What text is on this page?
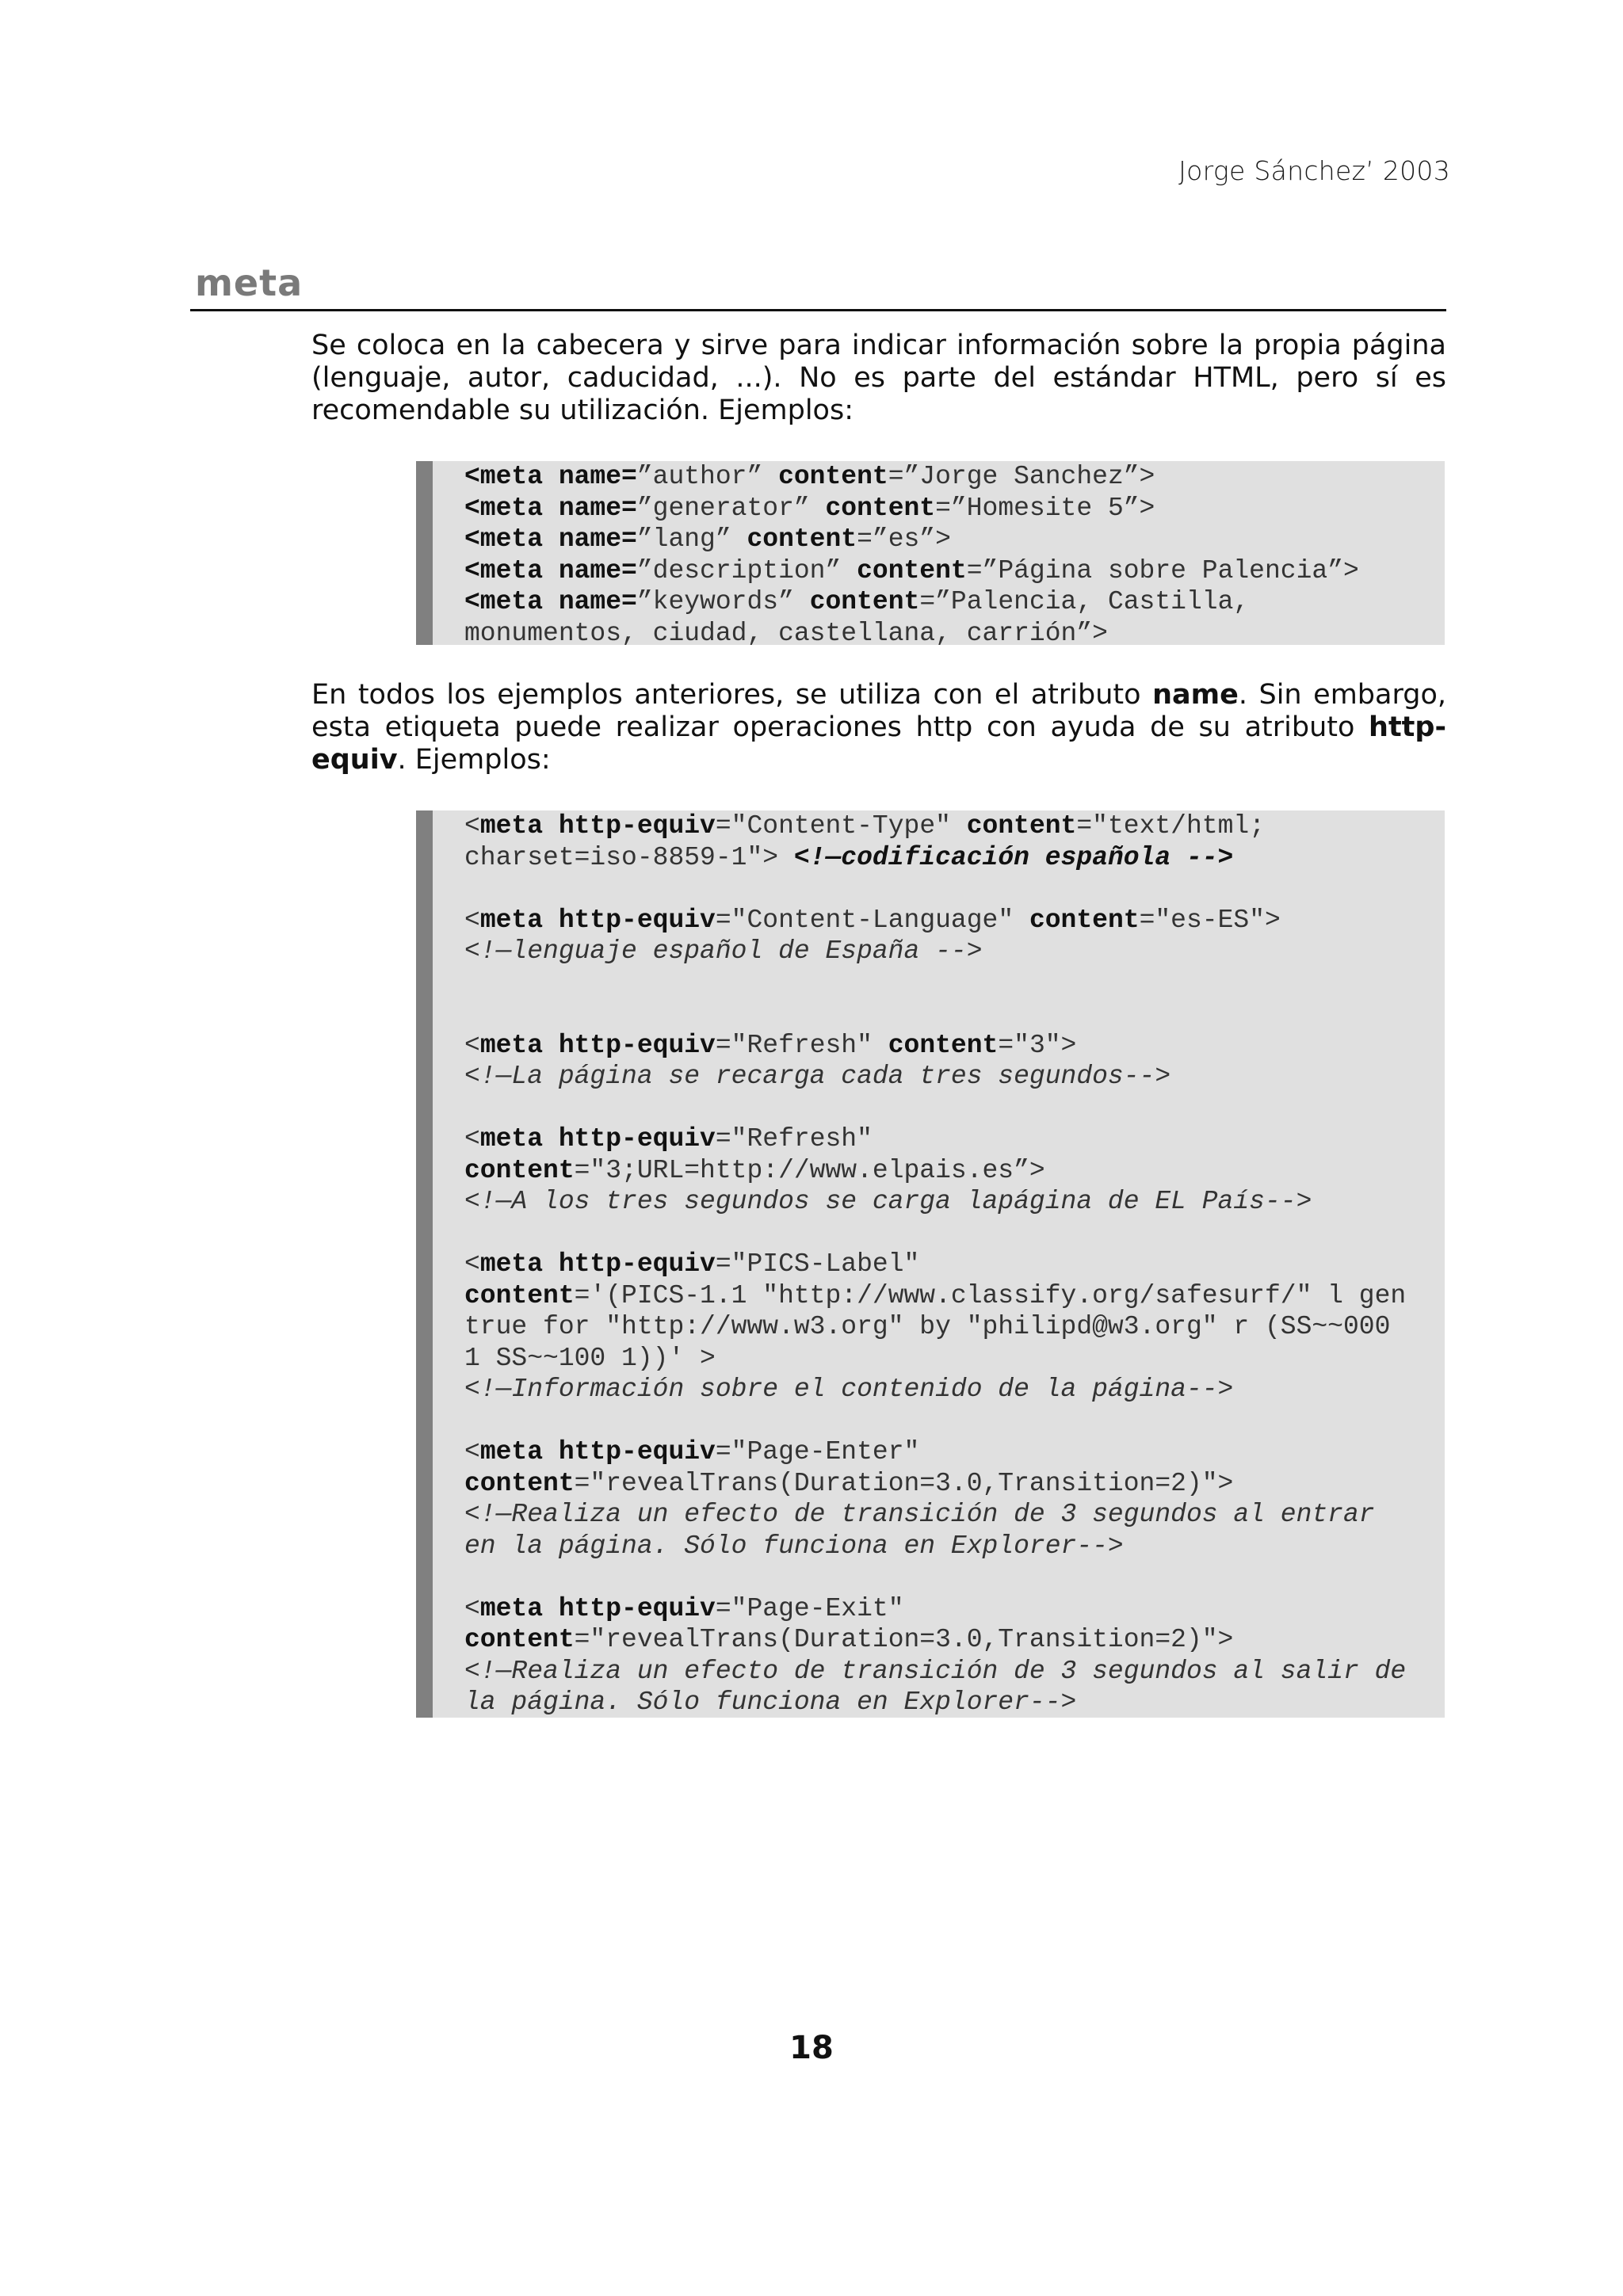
Jorge Sánchez’ 2003
meta
Se coloca en la cabecera y sirve para indicar información sobre la propia página (lenguaje, autor, caducidad, ...). No es parte del estándar HTML, pero sí es recomendable su utilización. Ejemplos:
<meta name=”author” content=”Jorge Sanchez”>
<meta name=”generator” content=”Homesite 5”>
<meta name=”lang” content=”es”>
<meta name=”description” content=”Página sobre Palencia”>
<meta name=”keywords” content=”Palencia, Castilla,
monumentos, ciudad, castellana, carrión”>
En todos los ejemplos anteriores, se utiliza con el atributo name. Sin embargo, esta etiqueta puede realizar operaciones http con ayuda de su atributo http-equiv. Ejemplos:
<meta http-equiv="Content-Type" content="text/html;
charset=iso-8859-1"> <!—codificación española -->
<meta http-equiv="Content-Language" content="es-ES">
<!—lenguaje español de España -->
<meta http-equiv="Refresh" content="3">
<!—La página se recarga cada tres segundos-->
<meta http-equiv="Refresh"
content="3;URL=http://www.elpais.es”>
<!—A los tres segundos se carga lapágina de EL País-->
<meta http-equiv="PICS-Label"
content='(PICS-1.1 "http://www.classify.org/safesurf/" l gen
true for "http://www.w3.org" by "philipd@w3.org" r (SS~~000
1 SS~~100 1))' >
<!—Información sobre el contenido de la página-->
<meta http-equiv="Page-Enter"
content="revealTrans(Duration=3.0,Transition=2)">
<!—Realiza un efecto de transición de 3 segundos al entrar
en la página. Sólo funciona en Explorer-->
<meta http-equiv="Page-Exit"
content="revealTrans(Duration=3.0,Transition=2)">
<!—Realiza un efecto de transición de 3 segundos al salir de
la página. Sólo funciona en Explorer-->
18
